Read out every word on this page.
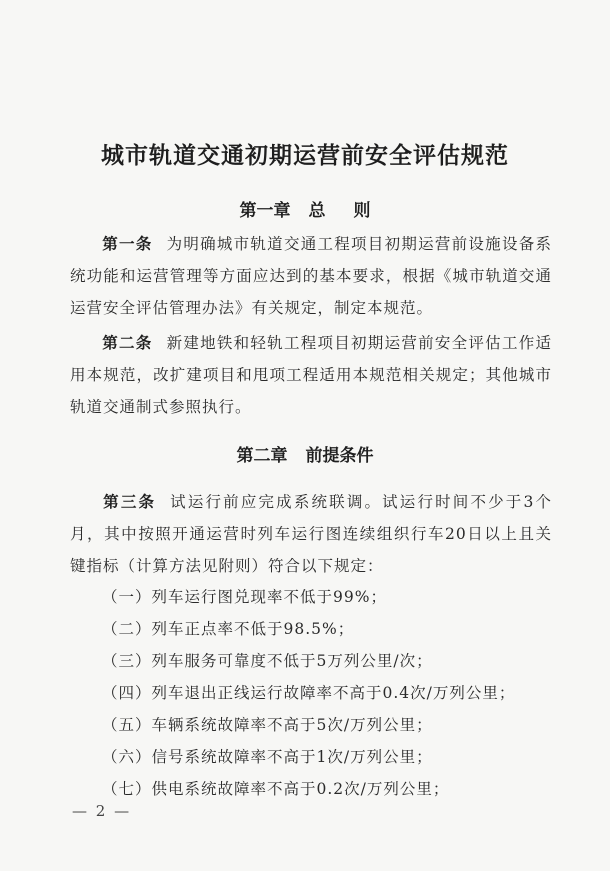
城市轨道交通初期运营前安全评估规范
第一章 总 则
第一条 为明确城市轨道交通工程项目初期运营前设施设备系统功能和运营管理等方面应达到的基本要求，根据《城市轨道交通运营安全评估管理办法》有关规定，制定本规范。
第二条 新建地铁和轻轨工程项目初期运营前安全评估工作适用本规范，改扩建项目和甩项工程适用本规范相关规定；其他城市轨道交通制式参照执行。
第二章 前提条件
第三条 试运行前应完成系统联调。试运行时间不少于3个月，其中按照开通运营时列车运行图连续组织行车20日以上且关键指标（计算方法见附则）符合以下规定：
（一）列车运行图兑现率不低于99%；
（二）列车正点率不低于98.5%；
（三）列车服务可靠度不低于5万列公里/次；
（四）列车退出正线运行故障率不高于0.4次/万列公里；
（五）车辆系统故障率不高于5次/万列公里；
（六）信号系统故障率不高于1次/万列公里；
（七）供电系统故障率不高于0.2次/万列公里；
— 2 —
